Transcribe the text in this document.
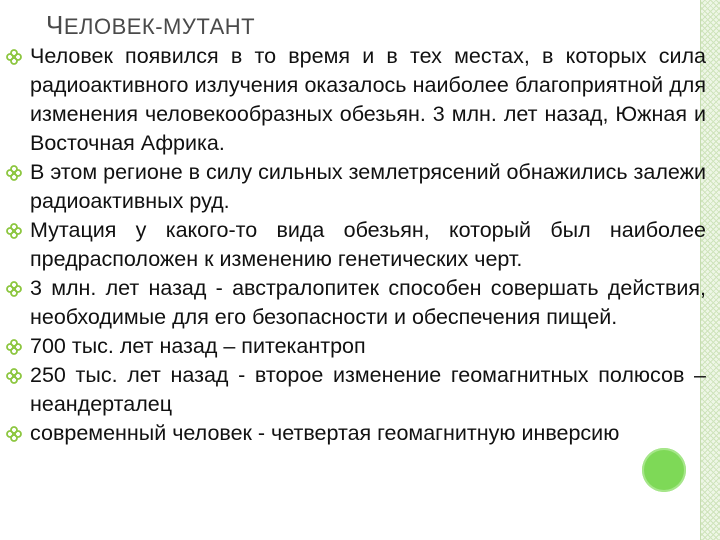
ЧЕЛОВЕК-МУТАНТ
Человек появился в то время и в тех местах, в которых сила радиоактивного излучения оказалось наиболее благоприятной для изменения человекообразных обезьян. 3 млн. лет назад, Южная и Восточная Африка.
В этом регионе в силу сильных землетрясений обнажились залежи радиоактивных руд.
Мутация у какого-то вида обезьян, который был наиболее предрасположен к изменению генетических черт.
3 млн. лет назад - австралопитек способен совершать действия, необходимые для его безопасности и обеспечения пищей.
700 тыс. лет назад – питекантроп
250 тыс. лет назад - второе изменение геомагнитных полюсов – неандерталец
современный человек - четвертая геомагнитную инверсию
